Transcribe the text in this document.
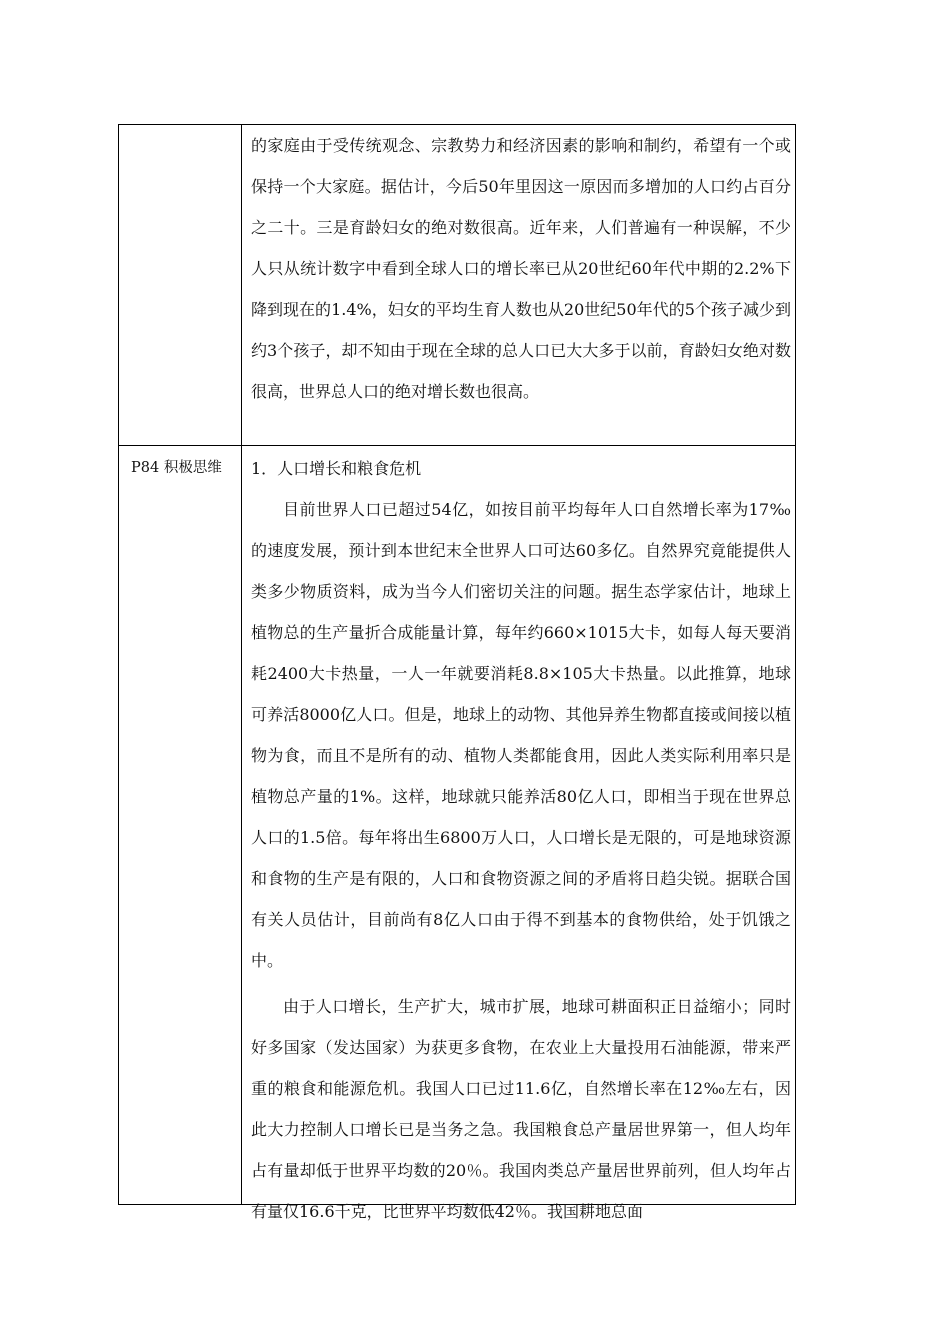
	的家庭由于受传统观念、宗教势力和经济因素的影响和制约，希望有一个或保持一个大家庭。据估计，今后50年里因这一原因而多增加的人口约占百分之二十。三是育龄妇女的绝对数很高。近年来，人们普遍有一种误解，不少人只从统计数字中看到全球人口的增长率已从20世纪60年代中期的2.2%下降到现在的1.4%，妇女的平均生育人数也从20世纪50年代的5个孩子减少到约3个孩子，却不知由于现在全球的总人口已大大多于以前，育龄妇女绝对数很高，世界总人口的绝对增长数也很高。

P84 积极思维	1．人口增长和粮食危机

目前世界人口已超过54亿，如按目前平均每年人口自然增长率为17‰的速度发展，预计到本世纪末全世界人口可达60多亿。自然界究竟能提供人类多少物质资料，成为当今人们密切关注的问题。据生态学家估计，地球上植物总的生产量折合成能量计算，每年约660×1015大卡，如每人每天要消耗2400大卡热量，一人一年就要消耗8.8×105大卡热量。以此推算，地球可养活8000亿人口。但是，地球上的动物、其他异养生物都直接或间接以植物为食，而且不是所有的动、植物人类都能食用，因此人类实际利用率只是植物总产量的1%。这样，地球就只能养活80亿人口，即相当于现在世界总人口的1.5倍。每年将出生6800万人口，人口增长是无限的，可是地球资源和食物的生产是有限的，人口和食物资源之间的矛盾将日趋尖锐。据联合国有关人员估计，目前尚有8亿人口由于得不到基本的食物供给，处于饥饿之中。

由于人口增长，生产扩大，城市扩展，地球可耕面积正日益缩小；同时好多国家（发达国家）为获更多食物，在农业上大量投用石油能源，带来严重的粮食和能源危机。我国人口已过11.6亿，自然增长率在12‰左右，因此大力控制人口增长已是当务之急。我国粮食总产量居世界第一，但人均年占有量却低于世界平均数的20％。我国肉类总产量居世界前列，但人均年占有量仅16.6千克，比世界平均数低42％。我国耕地总面
